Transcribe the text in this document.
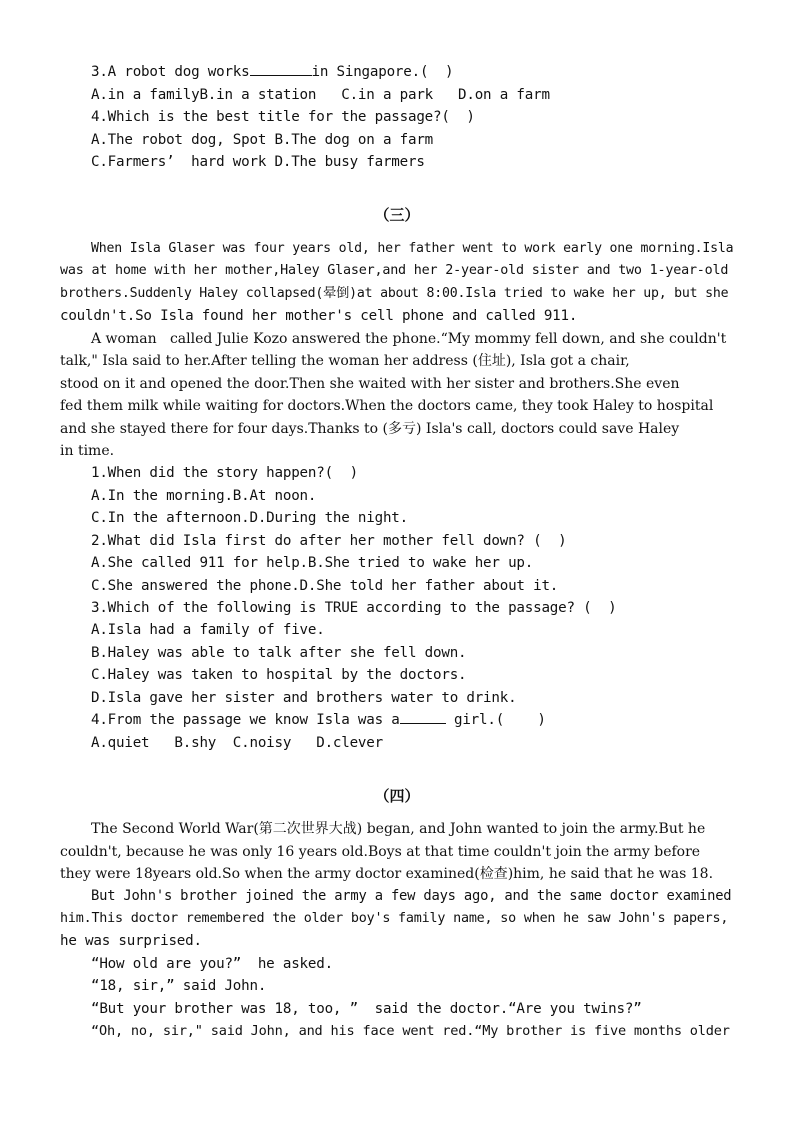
3.A robot dog works	in Singapore.(  )
A.in a familyB.in a station   C.in a park   D.on a farm
4.Which is the best title for the passage?(  )
A.The robot dog, Spot B.The dog on a farm
C.Farmers’  hard work D.The busy farmers
（三）
When Isla Glaser was four years old, her father went to work early one morning.Isla
was at home with her mother,Haley Glaser,and her 2-year-old sister and two 1-year-old
brothers.Suddenly Haley collapsed(晕倒)at about 8:00.Isla tried to wake her up, but she
couldn't.So Isla found her mother's cell phone and called 911.
A woman   called Julie Kozo answered the phone.“My mommy fell down, and she couldn't
talk," Isla said to her.After telling the woman her address (住址), Isla got a chair,
stood on it and opened the door.Then she waited with her sister and brothers.She even
fed them milk while waiting for doctors.When the doctors came, they took Haley to hospital
and she stayed there for four days.Thanks to (多亏) Isla's call, doctors could save Haley
in time.
1.When did the story happen?(  )
A.In the morning.B.At noon.
C.In the afternoon.D.During the night.
2.What did Isla first do after her mother fell down? (  )
A.She called 911 for help.B.She tried to wake her up.
C.She answered the phone.D.She told her father about it.
3.Which of the following is TRUE according to the passage? (  )
A.Isla had a family of five.
B.Haley was able to talk after she fell down.
C.Haley was taken to hospital by the doctors.
D.Isla gave her sister and brothers water to drink.
4.From the passage we know Isla was a	girl.(    )
A.quiet   B.shy  C.noisy   D.clever
（四）
The Second World War(第二次世界大战) began, and John wanted to join the army.But he
couldn't, because he was only 16 years old.Boys at that time couldn't join the army before
they were 18years old.So when the army doctor examined(检查)him, he said that he was 18.
But John's brother joined the army a few days ago, and the same doctor examined
him.This doctor remembered the older boy's family name, so when he saw John's papers,
he was surprised.
“How old are you?”  he asked.
“18, sir,” said John.
“But your brother was 18, too, ”  said the doctor.“Are you twins?”
“Oh, no, sir," said John, and his face went red.“My brother is five months older
